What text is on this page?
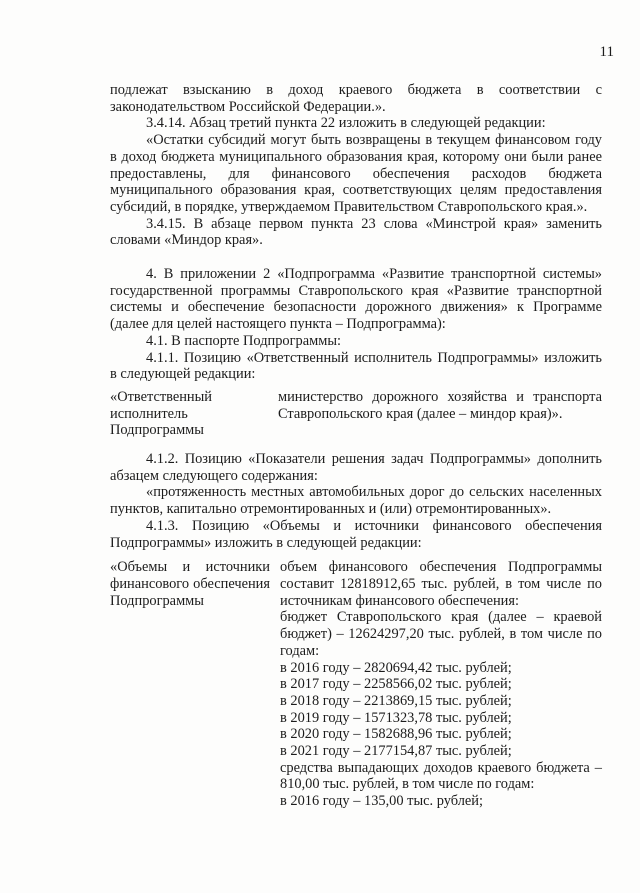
11

подлежат взысканию в доход краевого бюджета в соответствии с законодательством Российской Федерации.».

3.4.14. Абзац третий пункта 22 изложить в следующей редакции:

«Остатки субсидий могут быть возвращены в текущем финансовом году в доход бюджета муниципального образования края, которому они были ранее предоставлены, для финансового обеспечения расходов бюджета муниципального образования края, соответствующих целям предоставления субсидий, в порядке, утверждаемом Правительством Ставропольского края.».

3.4.15. В абзаце первом пункта 23 слова «Минстрой края» заменить словами «Миндор края».

4. В приложении 2 «Подпрограмма «Развитие транспортной системы» государственной программы Ставропольского края «Развитие транспортной системы и обеспечение безопасности дорожного движения» к Программе (далее для целей настоящего пункта – Подпрограмма):

4.1. В паспорте Подпрограммы:

4.1.1. Позицию «Ответственный исполнитель Подпрограммы» изложить в следующей редакции:

«Ответственный исполнитель Подпрограммы
министерство дорожного хозяйства и транспорта Ставропольского края (далее – миндор края)».

4.1.2. Позицию «Показатели решения задач Подпрограммы» дополнить абзацем следующего содержания:

«протяженность местных автомобильных дорог до сельских населенных пунктов, капитально отремонтированных и (или) отремонтированных».

4.1.3. Позицию «Объемы и источники финансового обеспечения Подпрограммы» изложить в следующей редакции:

«Объемы и источники финансового обеспечения Подпрограммы
объем финансового обеспечения Подпрограммы составит 12818912,65 тыс. рублей, в том числе по источникам финансового обеспечения:
бюджет Ставропольского края (далее – краевой бюджет) – 12624297,20 тыс. рублей, в том числе по годам:
в 2016 году – 2820694,42 тыс. рублей;
в 2017 году – 2258566,02 тыс. рублей;
в 2018 году – 2213869,15 тыс. рублей;
в 2019 году – 1571323,78 тыс. рублей;
в 2020 году – 1582688,96 тыс. рублей;
в 2021 году – 2177154,87 тыс. рублей;
средства выпадающих доходов краевого бюджета – 810,00 тыс. рублей, в том числе по годам:
в 2016 году – 135,00 тыс. рублей;
